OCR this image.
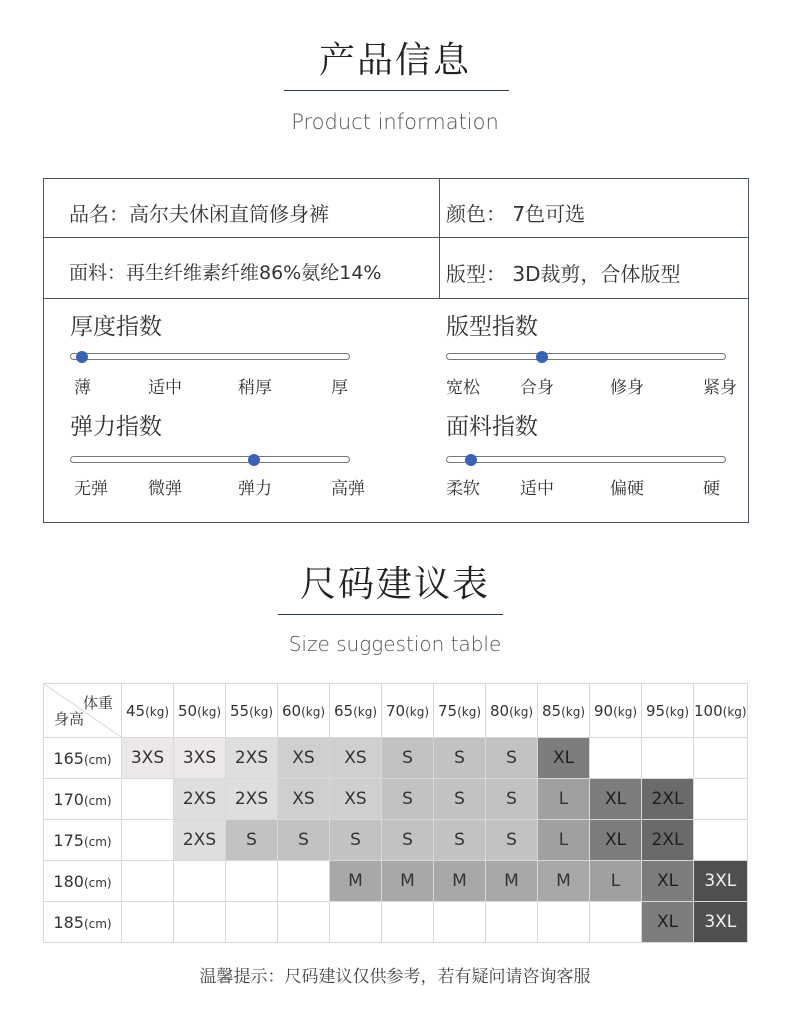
产品信息
Product information
品名：高尔夫休闲直筒修身裤	颜色： 7色可选
面料：再生纤维素纤维86%氨纶14%	版型： 3D裁剪，合体版型
厚度指数
薄	适中	稍厚	厚
版型指数
宽松 合身	修身	紧身
弹力指数
无弹 微弹	弹力	高弹
面料指数
柔软 适中	偏硬	硬
尺码建议表
Size suggestion table
体重
身高	45(kg)	50(kg)	55(kg)	60(kg)	65(kg)	70(kg)	75(kg)	80(kg)	85(kg)	90(kg)	95(kg)	100(kg)
165(cm)	3XS	3XS	2XS	XS	XS	S	S	S	XL			
170(cm)		2XS	2XS	XS	XS	S	S	S	L	XL	2XL	
175(cm)		2XS	S	S	S	S	S	S	L	XL	2XL	
180(cm)					M	M	M	M	M	L	XL	3XL
185(cm)											XL	3XL
温馨提示：尺码建议仅供参考，若有疑问请咨询客服
